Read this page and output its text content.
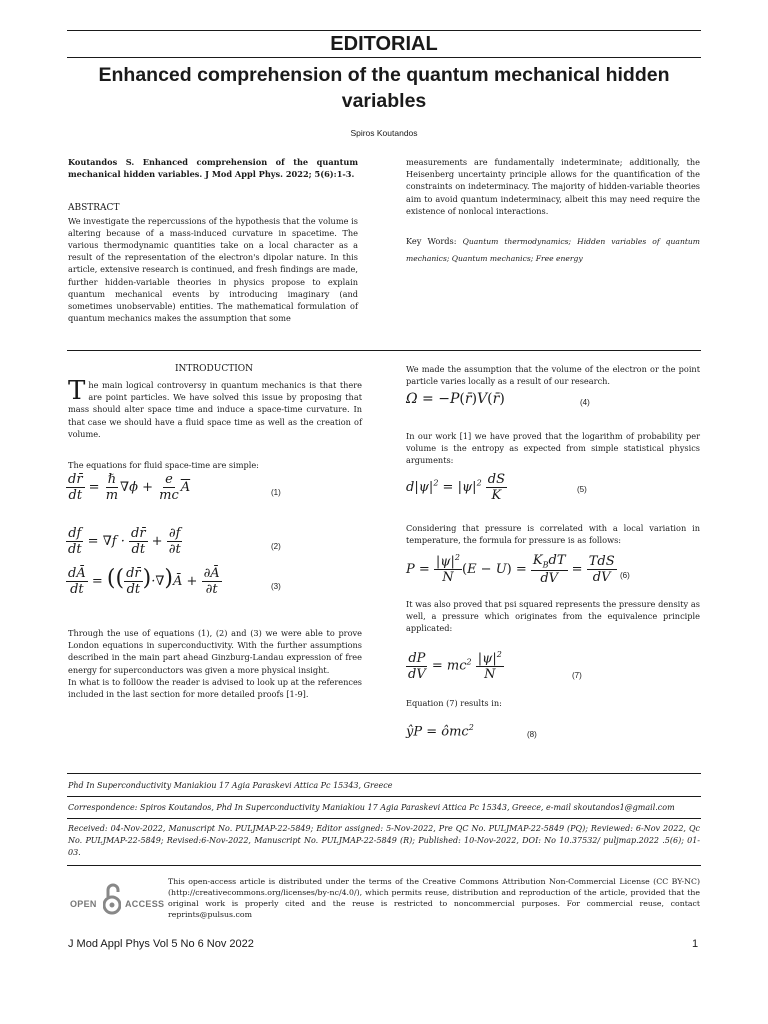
EDITORIAL
Enhanced comprehension of the quantum mechanical hidden variables
Spiros Koutandos

Koutandos S. Enhanced comprehension of the quantum mechanical hidden variables. J Mod Appl Phys. 2022; 5(6):1-3.

ABSTRACT

We investigate the repercussions of the hypothesis that the volume is altering because of a mass-induced curvature in spacetime. The various thermodynamic quantities take on a local character as a result of the representation of the electron's dipolar nature. In this article, extensive research is continued, and fresh findings are made, further hidden-variable theories in physics propose to explain quantum mechanical events by introducing imaginary (and sometimes unobservable) entities. The mathematical formulation of quantum mechanics makes the assumption that some

measurements are fundamentally indeterminate; additionally, the Heisenberg uncertainty principle allows for the quantification of the constraints on indeterminacy. The majority of hidden-variable theories aim to avoid quantum indeterminacy, albeit this may need require the existence of nonlocal interactions.

Key Words: Quantum thermodynamics; Hidden variables of quantum mechanics; Quantum mechanics; Free energy

INTRODUCTION
The main logical controversy in quantum mechanics is that there are point particles. We have solved this issue by proposing that mass should alter space time and induce a space-time curvature. In that case we should have a fluid space time as well as the creation of volume.
The equations for fluid space-time are simple:
$\frac{dr̄}{dt} = \frac{\text{ℏ}}{m} \nabla\phi + \frac{e}{mc} \overline{A}$	(1)
$\frac{df}{dt} = \nabla f \cdot \frac{dr̄}{dt} + \frac{\partial f}{\partial t}$	(2)
$\frac{dĀ}{dt}$ = (( $\frac{dr̄}{dt}$ )·∇)Ā + $\frac{\partial Ā}{\partial t}$	(3)

Through the use of equations (1), (2) and (3) we were able to prove London equations in superconductivity. With the further assumptions described in the main part ahead Ginzburg-Landau expression of free energy for superconductors was given a more physical insight.

In what is to foll0ow the reader is advised to look up at the references included in the last section for more detailed proofs [1-9].

We made the assumption that the volume of the electron or the point particle varies locally as a result of our research.
Ω = −P(r̄)V(r̄)	(4)
In our work [1] we have proved that the logarithm of probability per volume is the entropy as expected from simple statistical physics arguments:
$d|\psi|^2 = |\psi|^2 \frac{dS}{K}$	(5)
Considering that pressure is correlated with a local variation in temperature, the formula for pressure is as follows:
$P = \frac{|\psi|^2}{N} (E - U) = \frac{K_BdT}{dV} = \frac{\text{TdS}}{dV} (6)$
It was also proved that psi squared represents the pressure density as well, a pressure which originates from the equivalence principle applicated:
$\frac{dP}{dV} = mc^2 \frac{|\psi|^2}{N}$	(7)
Equation (7) results in:
ŷP = ômc$^2$
(8)
Phd In Superconductivity Maniakiou 17 Agia Paraskevi Attica Pc 15343, Greece
Correspondence: Spiros Koutandos, Phd In Superconductivity Maniakiou 17 Agia Paraskevi Attica Pc 15343, Greece, e-mail skoutandos1@gmail.com
Received: 04-Nov-2022, Manuscript No. PULJMAP-22-5849; Editor assigned: 5-Nov-2022, Pre QC No. PULJMAP-22-5849 (PQ); Reviewed: 6-Nov 2022, Qc No. PULJMAP-22-5849; Revised:6-Nov-2022, Manuscript No. PULJMAP-22-5849 (R); Published: 10-Nov-2022, DOI: No 10.37532/ puljmap.2022 .5(6); 01-03.
OPEN	ACCESS
This open-access article is distributed under the terms of the Creative Commons Attribution Non-Commercial License (CC BY-NC) (http://creativecommons.org/licenses/by-nc/4.0/), which permits reuse, distribution and reproduction of the article, provided that the original work is properly cited and the reuse is restricted to noncommercial purposes. For commercial reuse, contact reprints@pulsus.com
J Mod Appl Phys Vol 5 No 6 Nov 2022	1
